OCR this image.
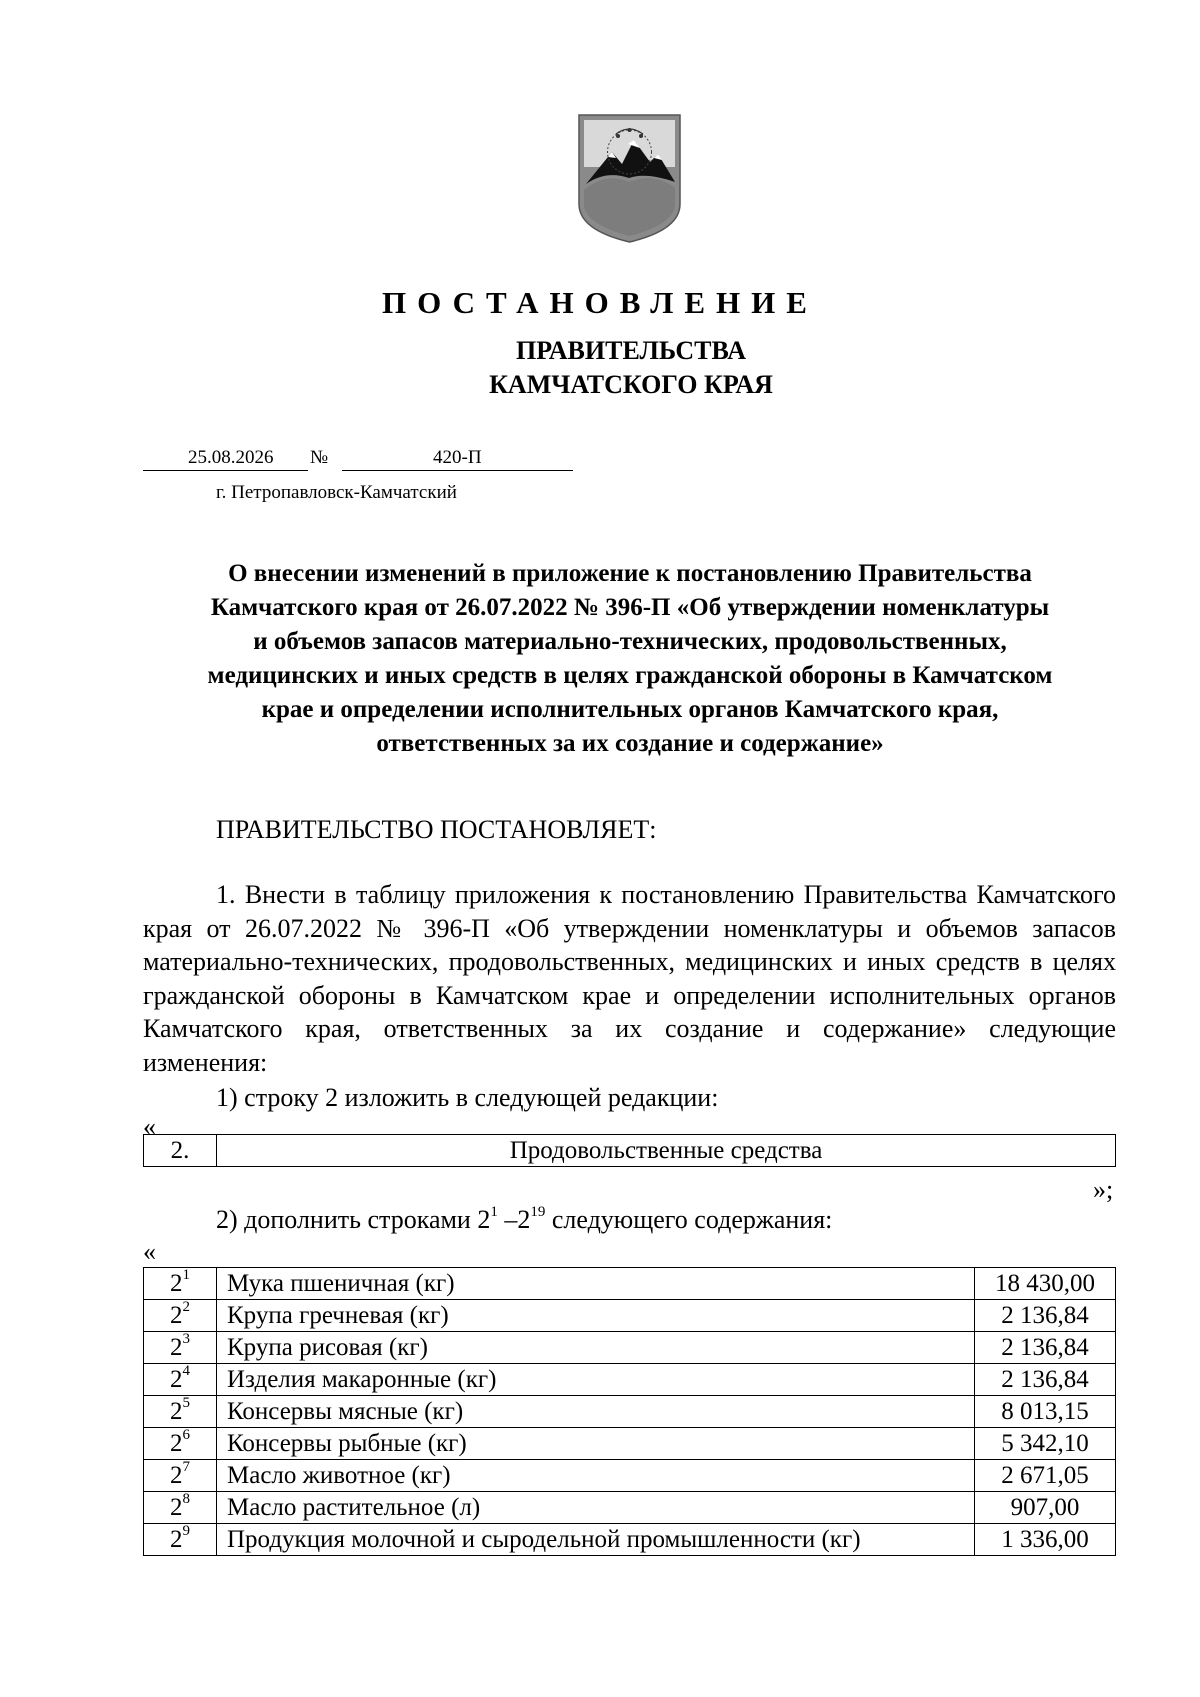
ПОСТАНОВЛЕНИЕ
ПРАВИТЕЛЬСТВА
КАМЧАТСКОГО КРАЯ
25.08.2026 №	420-П
г. Петропавловск-Камчатский
О внесении изменений в приложение к постановлению Правительства
Камчатского края от 26.07.2022 № 396-П «Об утверждении номенклатуры
и объемов запасов материально-технических, продовольственных,
медицинских и иных средств в целях гражданской обороны в Камчатском
крае и определении исполнительных органов Камчатского края,
ответственных за их создание и содержание»
ПРАВИТЕЛЬСТВО ПОСТАНОВЛЯЕТ:
1. Внести в таблицу приложения к постановлению Правительства Камчатского края от 26.07.2022 № 396-П «Об утверждении номенклатуры и объемов запасов материально-технических, продовольственных, медицинских и иных средств в целях гражданской обороны в Камчатском крае и определении исполнительных органов Камчатского края, ответственных за их создание и содержание» следующие изменения:
1) строку 2 изложить в следующей редакции:
«
2.	Продовольственные средства
»;
2) дополнить строками $2^1$ $-2^{19}$ следующего содержания:
«
$2^1$	Мука пшеничная (кг)	18 430,00
$2^2$	Крупа гречневая (кг)	2 136,84
$2^3$	Крупа рисовая (кг)	2 136,84
$2^4$	Изделия макаронные (кг)	2 136,84
$2^5$	Консервы мясные (кг)	8 013,15
$2^6$	Консервы рыбные (кг)	5 342,10
$2^7$	Масло животное (кг)	2 671,05
$2^8$	Масло растительное (л)	907,00
$2^9$	Продукция молочной и сыродельной промышленности (кг)	1 336,00
